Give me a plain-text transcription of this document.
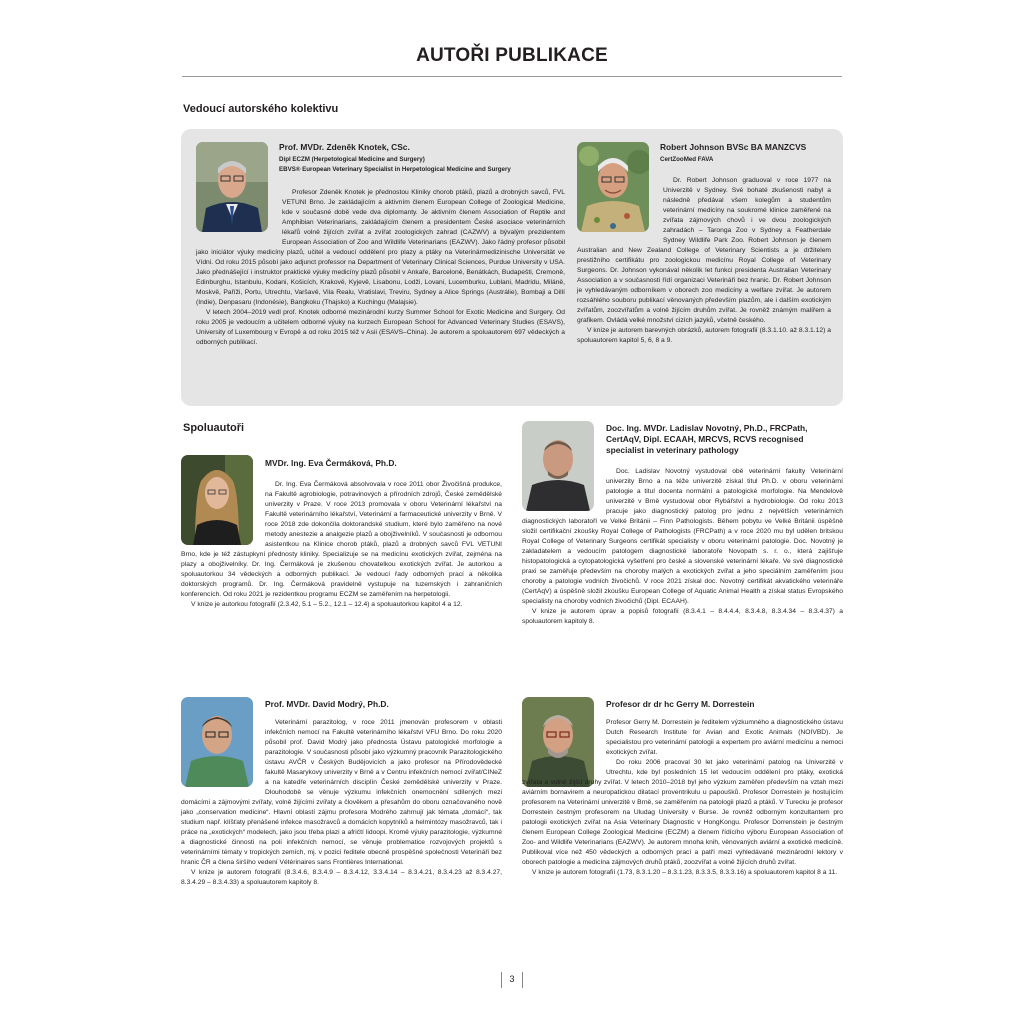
AUTOŘI PUBLIKACE
Vedoucí autorského kolektivu
Prof. MVDr. Zdeněk Knotek, CSc.
Dipl ECZM (Herpetological Medicine and Surgery)
EBVS® European Veterinary Specialist in Herpetological Medicine and Surgery

Profesor Zdeněk Knotek je přednostou Kliniky chorob ptáků, plazů a drobných savců, FVL VETUNI Brno. Je zakládajícím a aktivním členem European College of Zoological Medicine, kde v současné době vede dva diplomanty. Je aktivním členem Association of Reptile and Amphibian Veterinarians, zakládajícím členem a presidentem České asociace veterinárních lékařů volně žijících zvířat a zvířat zoologických zahrad (CAZWV) a bývalým prezidentem European Association of Zoo and Wildlife Veterinarians (EAZWV). Jako řádný profesor působil jako iniciátor výuky medicíny plazů, učitel a vedoucí oddělení pro plazy a ptáky na Veterinärmedizinische Universität ve Vídni. Od roku 2015 působí jako adjunct professor na Department of Veterinary Clinical Sciences, Purdue University v USA. Jako přednášející i instruktor praktické výuky medicíny plazů působil v Ankaře, Barceloně, Benátkách, Budapešti, Cremoně, Edinburghu, Istanbulu, Kodani, Košicích, Krakově, Kyjevě, Lisabonu, Lodži, Lovani, Lucemburku, Lublani, Madridu, Miláně, Moskvě, Paříži, Portu, Utrechtu, Varšavě, Vila Realu, Vratislavi, Treviru, Sydney a Alice Springs (Austrálie), Bombaji a Dillí (Indie), Denpasaru (Indonésie), Bangkoku (Thajsko) a Kuchingu (Malajsie).

V letech 2004–2019 vedl prof. Knotek odborné mezinárodní kurzy Summer School for Exotic Medicine and Surgery. Od roku 2005 je vedoucím a učitelem odborné výuky na kurzech European School for Advanced Veterinary Studies (ESAVS), University of Luxembourg v Evropě a od roku 2015 též v Asii (ESAVS–China). Je autorem a spoluautorem 697 vědeckých a odborných publikací.

Robert Johnson BVSc BA MANZCVS
CertZooMed FAVA

Dr. Robert Johnson graduoval v roce 1977 na Univerzitě v Sydney. Své bohaté zkušenosti nabyl a následně předával všem kolegům a studentům veterinární medicíny na soukromé klinice zaměřené na zvířata zájmových chovů i ve dvou zoologických zahradách – Taronga Zoo v Sydney a Featherdale Sydney Wildlife Park Zoo. Robert Johnson je členem Australian and New Zealand College of Veterinary Scientists a je držitelem prestižního certifikátu pro zoologickou medicínu Royal College of Veterinary Surgeons. Dr. Johnson vykonával několik let funkci presidenta Australian Veterinary Association a v současnosti řídí organizaci Veterináři bez hranic. Dr. Robert Johnson je vyhledávaným odborníkem v oborech zoo medicíny a welfare zvířat. Je autorem rozsáhlého souboru publikací věnovaných především plazům, ale i dalším exotickým zvířatům, zoozvířatům a volně žijícím druhům zvířat. Je rovněž známým malířem a grafikem. Ovládá velké množství cizích jazyků, včetně českého.

V knize je autorem barevných obrázků, autorem fotografií (8.3.1.10. až 8.3.1.12) a spoluautorem kapitol 5, 6, 8 a 9.

Spoluautoři
MVDr. Ing. Eva Čermáková, Ph.D.

Dr. Ing. Eva Čermáková absolvovala v roce 2011 obor Živočišná produkce, na Fakultě agrobiologie, potravinových a přírodních zdrojů, České zemědělské univerzity v Praze. V roce 2013 promovala v oboru Veterinární lékařství na Fakultě veterinárního lékařství, Veterinární a farmaceutické univerzity v Brně. V roce 2018 zde dokončila doktorandské studium, které bylo zaměřeno na nové metody anestezie a analgezie plazů a obojživelníků. V současnosti je odbornou asistentkou na Klinice chorob ptáků, plazů a drobných savců FVL VETUNI Brno, kde je též zástupkyní přednosty kliniky. Specializuje se na medicínu exotických zvířat, zejména na plazy a obojživelníky. Dr. Ing. Čermáková je zkušenou chovatelkou exotických zvířat. Je autorkou a spoluautorkou 34 vědeckých a odborných publikací. Je vedoucí řady odborných prací a několika doktorských programů. Dr. Ing. Čermáková pravidelně vystupuje na tuzemských i zahraničních konferencích. Od roku 2021 je rezidentkou programu ECZM se zaměřením na herpetologii.

V knize je autorkou fotografií (2.3.42, 5.1 – 5.2., 12.1 – 12.4) a spoluautorkou kapitol 4 a 12.

Doc. Ing. MVDr. Ladislav Novotný, Ph.D., FRCPath, CertAqV, Dipl. ECAAH, MRCVS, RCVS recognised specialist in veterinary pathology

Doc. Ladislav Novotný vystudoval obě veterinární fakulty Veterinární univerzity Brno a na téže univerzitě získal titul Ph.D. v oboru veterinární patologie a titul docenta normální a patologické morfologie. Na Mendelově univerzitě v Brně vystudoval obor Rybářství a hydrobiologie. Od roku 2013 pracuje jako diagnostický patolog pro jednu z největších veterinárních diagnostických laboratoří ve Velké Británii – Finn Pathologists. Během pobytu ve Velké Británii úspěšně složil certifikační zkoušky Royal College of Pathologists (FRCPath) a v roce 2020 mu byl udělen britskou Royal College of Veterinary Surgeons certifikát specialisty v oboru veterinární patologie. Doc. Novotný je zakladatelem a vedoucím patologem diagnostické laboratoře Novopath s. r. o., která zajišťuje histopatologická a cytopatologická vyšetření pro české a slovenské veterinární lékaře. Ve své diagnostické praxi se zaměřuje především na choroby malých a exotických zvířat a jeho speciálním zaměřením jsou choroby a patologie vodních živočichů. V roce 2021 získal doc. Novotný certifikát akvatického veterináře (CertAqV) a úspěšně složil zkoušku European College of Aquatic Animal Health a získal status Evropského specialisty na choroby vodních živočichů (Dipl. ECAAH).

V knize je autorem úprav a popisů fotografií (8.3.4.1 – 8.4.4.4, 8.3.4.8, 8.3.4.34 – 8.3.4.37) a spoluautorem kapitoly 8.

Prof. MVDr. David Modrý, Ph.D.

Veterinární parazitolog, v roce 2011 jmenován profesorem v oblasti infekčních nemocí na Fakultě veterinárního lékařství VFU Brno. Do roku 2020 působil prof. David Modrý jako přednosta Ústavu patologické morfologie a parazitologie. V současnosti působí jako výzkumný pracovník Parazitologického ústavu AVČR v Českých Budějovicích a jako profesor na Přírodovědecké fakultě Masarykovy univerzity v Brně a v Centru infekčních nemocí zvířat/CINeZ a na katedře veterinárních disciplín České zemědělské univerzity v Praze. Dlouhodobě se věnuje výzkumu infekčních onemocnění sdílených mezi domácími a zájmovými zvířaty, volně žijícími zvířaty a člověkem a přesahům do oboru označovaného nově jako „conservation medicine“. Hlavní oblastí zájmu profesora Modrého zahrnují jak témata „domácí“, tak studium např. klíšťaty přenášené infekce masožravců a domácích kopytníků a helmintózy masožravců, tak i práce na „exotických“ modelech, jako jsou třeba plazi a afričtí lidoopi. Kromě výuky parazitologie, výzkumné a diagnostické činnosti na poli infekčních nemocí, se věnuje problematice rozvojových projektů s veterinárními tématy v tropických zemích, mj. v pozici ředitele obecně prospěšné společnosti Veterináři bez hranic ČR a člena širšího vedení Vétérinaires sans Frontières International.

V knize je autorem fotografií (8.3.4.6, 8.3.4.9 – 8.3.4.12, 3.3.4.14 – 8.3.4.21, 8.3.4.23 až 8.3.4.27, 8.3.4.29 – 8.3.4.33) a spoluautorem kapitoly 8.

Profesor dr dr hc Gerry M. Dorrestein

Profesor Gerry M. Dorrestein je ředitelem výzkumného a diagnostického ústavu Dutch Research Institute for Avian and Exotic Animals (NOIVBD). Je specialistou pro veterinární patologii a expertem pro aviární medicínu a nemoci exotických zvířat.

Do roku 2006 pracoval 30 let jako veterinární patolog na Univerzitě v Utrechtu, kde byl posledních 15 let vedoucím oddělení pro ptáky, exotická zvířata a volně žijící druhy zvířat. V letech 2010–2018 byl jeho výzkum zaměřen především na vztah mezi aviárním bornavirem a neuropatickou dilatací proventrikulu u papoušků. Profesor Dorrestein je hostujícím profesorem na Veterinární univerzitě v Brně, se zaměřením na patologii plazů a ptáků. V Turecku je profesor Dorrestein čestným profesorem na Uludag University v Burse. Je rovněž odborným konzultantem pro patologii exotických zvířat na Asia Veterinary Diagnostic v HongKongu. Profesor Dorrenstein je čestným členem European College Zoological Medicine (ECZM) a členem řídícího výboru European Association of Zoo- and Wildlife Veterinarians (EAZWV). Je autorem mnoha knih, věnovaných aviární a exotické medicíně. Publikoval více než 450 vědeckých a odborných prací a patří mezi vyhledávané mezinárodní lektory v oborech patologie a medicína zájmových druhů ptáků, zoozvířat a volně žijících druhů zvířat.

V knize je autorem fotografií (1.73, 8.3.1.20 – 8.3.1.23, 8.3.3.5, 8.3.3.16) a spoluautorem kapitol 8 a 11.

3
